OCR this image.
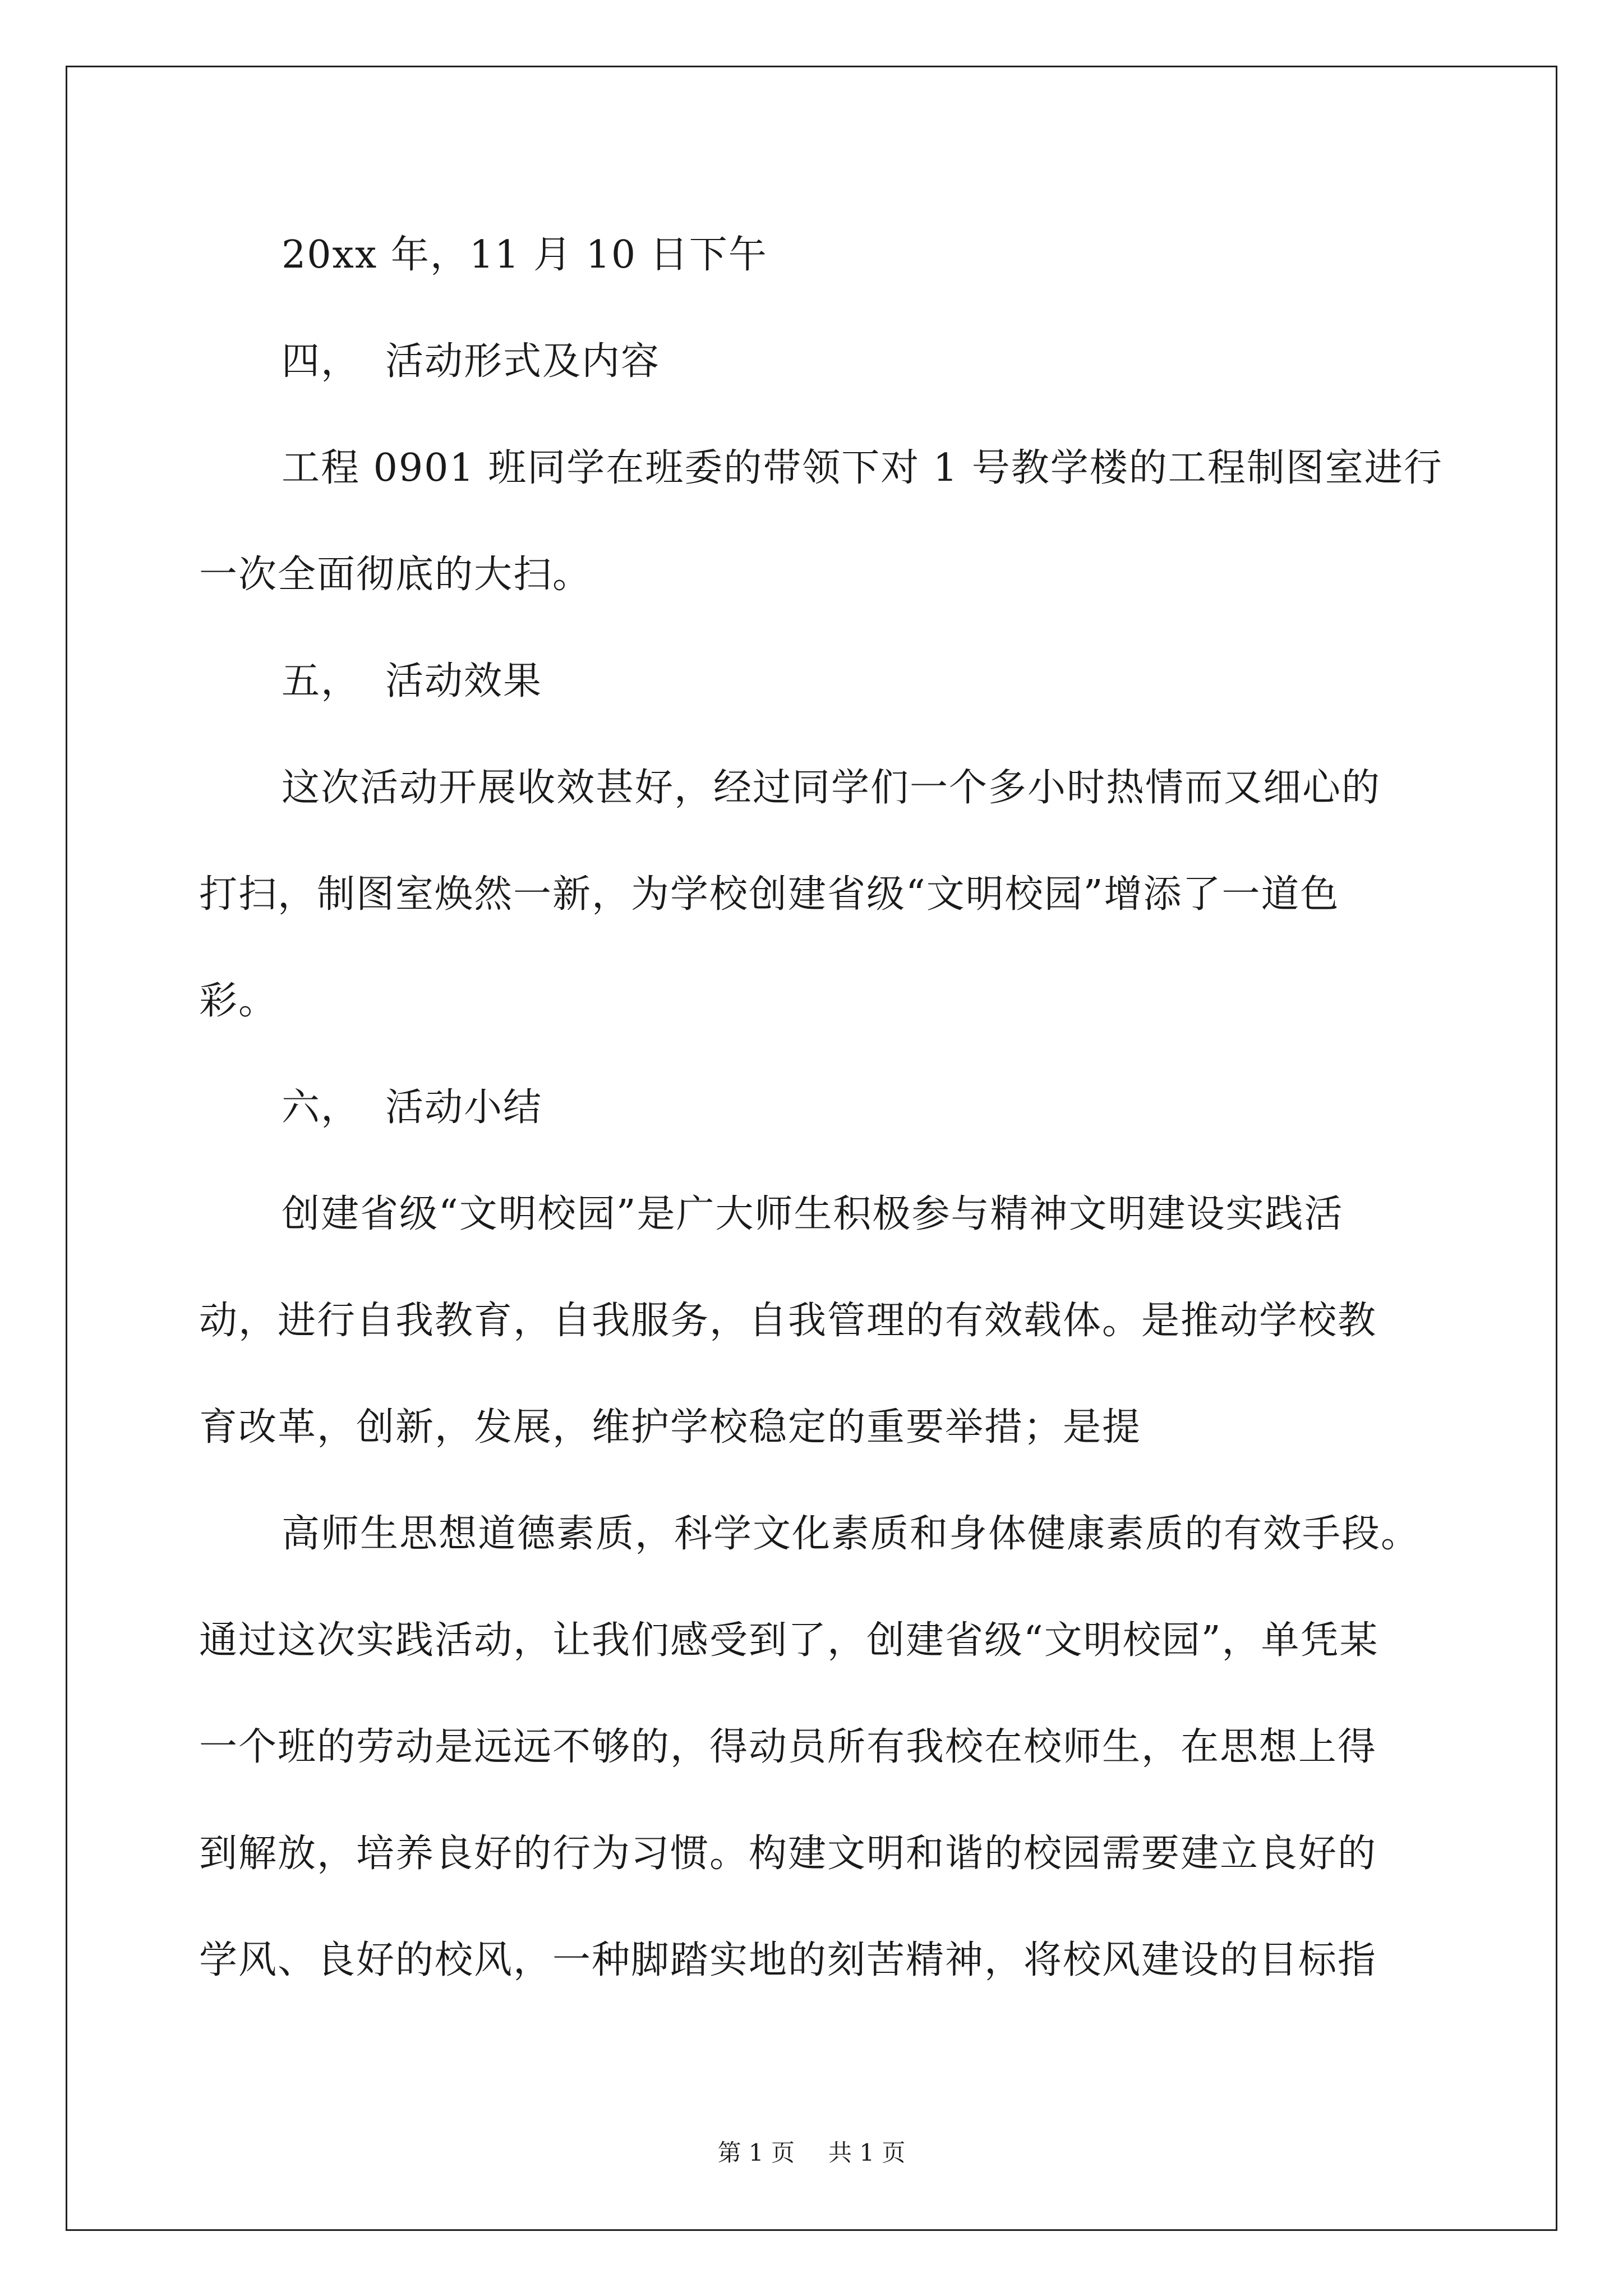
20xx 年，11 月 10 日下午
四， 活动形式及内容
工程 0901 班同学在班委的带领下对 1 号教学楼的工程制图室进行
一次全面彻底的大扫。
五， 活动效果
这次活动开展收效甚好，经过同学们一个多小时热情而又细心的
打扫，制图室焕然一新，为学校创建省级“文明校园”增添了一道色
彩。
六， 活动小结
创建省级“文明校园”是广大师生积极参与精神文明建设实践活
动，进行自我教育，自我服务，自我管理的有效载体。是推动学校教
育改革，创新，发展，维护学校稳定的重要举措；是提
高师生思想道德素质，科学文化素质和身体健康素质的有效手段。
通过这次实践活动，让我们感受到了，创建省级“文明校园”，单凭某
一个班的劳动是远远不够的，得动员所有我校在校师生，在思想上得
到解放，培养良好的行为习惯。构建文明和谐的校园需要建立良好的
学风、良好的校风，一种脚踏实地的刻苦精神，将校风建设的目标指
第 1 页 共 1 页
